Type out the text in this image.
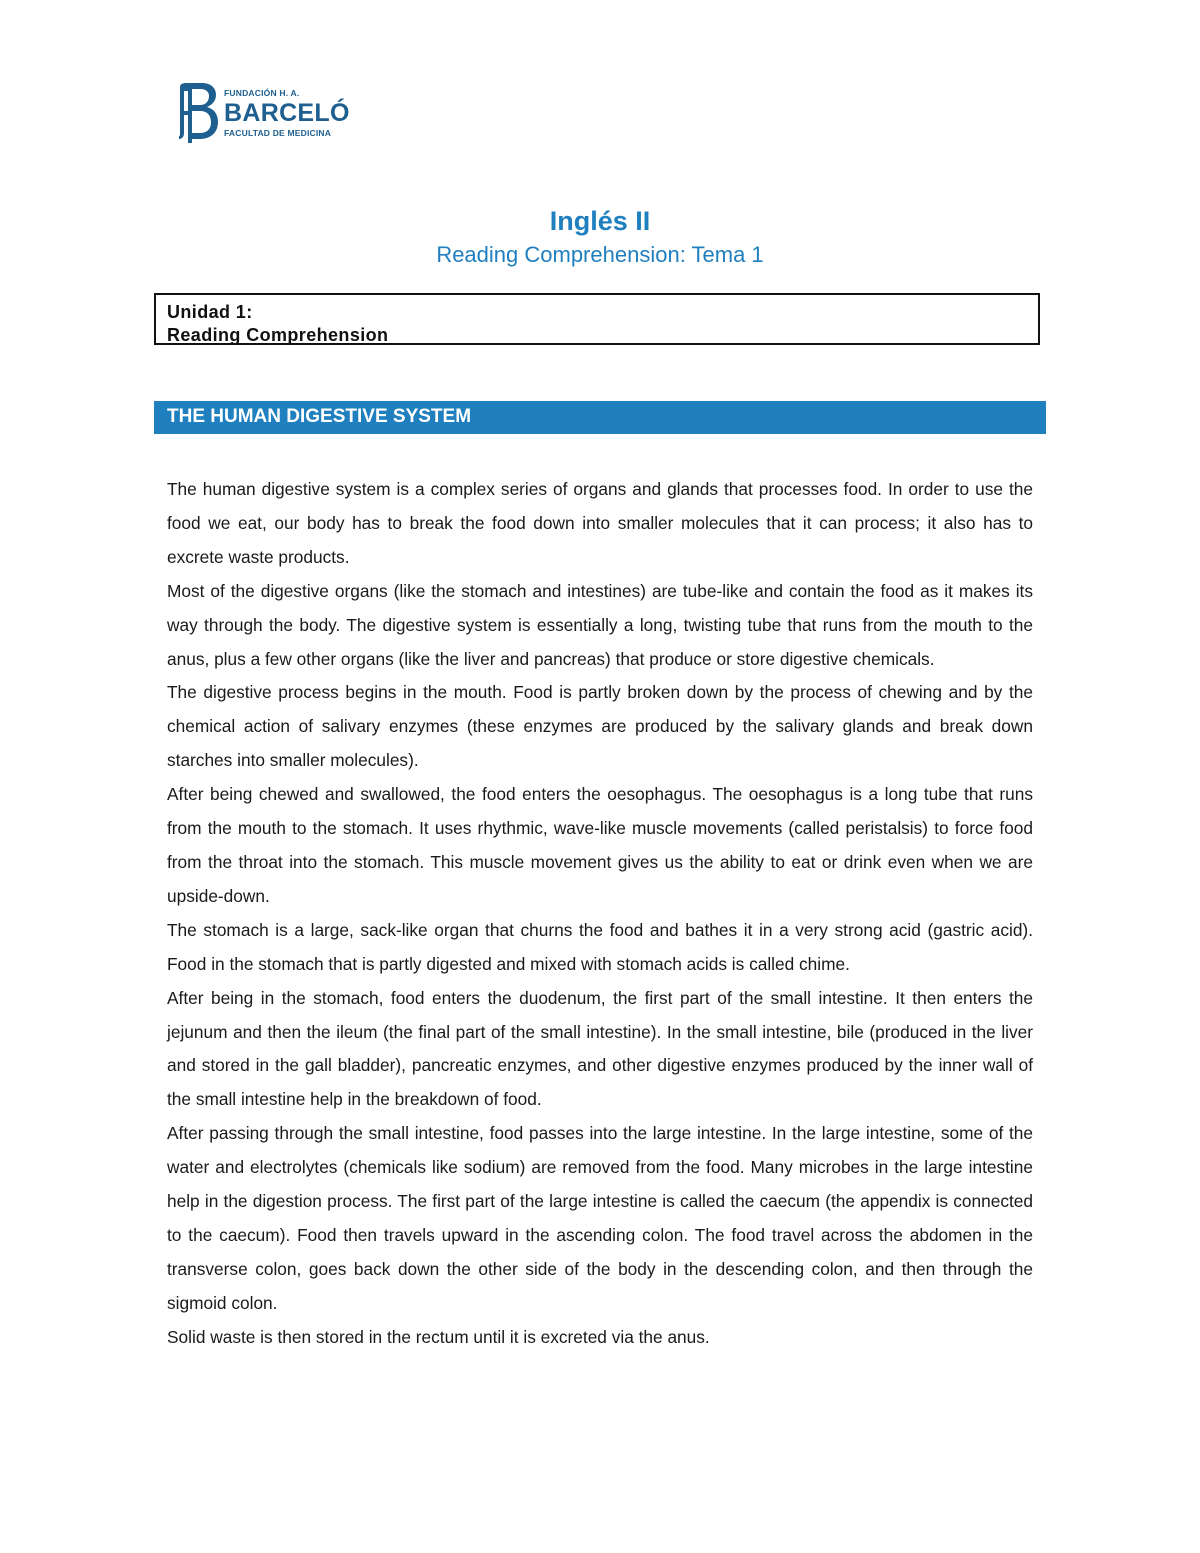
FUNDACIÓN H. A.
BARCELÓ
FACULTAD DE MEDICINA
Inglés II
Reading Comprehension: Tema 1
Unidad 1:
Reading Comprehension
THE HUMAN DIGESTIVE SYSTEM

The human digestive system is a complex series of organs and glands that processes food. In order to use the food we eat, our body has to break the food down into smaller molecules that it can process; it also has to excrete waste products.

Most of the digestive organs (like the stomach and intestines) are tube-like and contain the food as it makes its way through the body. The digestive system is essentially a long, twisting tube that runs from the mouth to the anus, plus a few other organs (like the liver and pancreas) that produce or store digestive chemicals.

The digestive process begins in the mouth. Food is partly broken down by the process of chewing and by the chemical action of salivary enzymes (these enzymes are produced by the salivary glands and break down starches into smaller molecules).

After being chewed and swallowed, the food enters the oesophagus. The oesophagus is a long tube that runs from the mouth to the stomach. It uses rhythmic, wave-like muscle movements (called peristalsis) to force food from the throat into the stomach. This muscle movement gives us the ability to eat or drink even when we are upside-down.

The stomach is a large, sack-like organ that churns the food and bathes it in a very strong acid (gastric acid). Food in the stomach that is partly digested and mixed with stomach acids is called chime.

After being in the stomach, food enters the duodenum, the first part of the small intestine. It then enters the jejunum and then the ileum (the final part of the small intestine). In the small intestine, bile (produced in the liver and stored in the gall bladder), pancreatic enzymes, and other digestive enzymes produced by the inner wall of the small intestine help in the breakdown of food.

After passing through the small intestine, food passes into the large intestine. In the large intestine, some of the water and electrolytes (chemicals like sodium) are removed from the food. Many microbes in the large intestine help in the digestion process. The first part of the large intestine is called the caecum (the appendix is connected to the caecum). Food then travels upward in the ascending colon. The food travel across the abdomen in the transverse colon, goes back down the other side of the body in the descending colon, and then through the sigmoid colon.

Solid waste is then stored in the rectum until it is excreted via the anus.
